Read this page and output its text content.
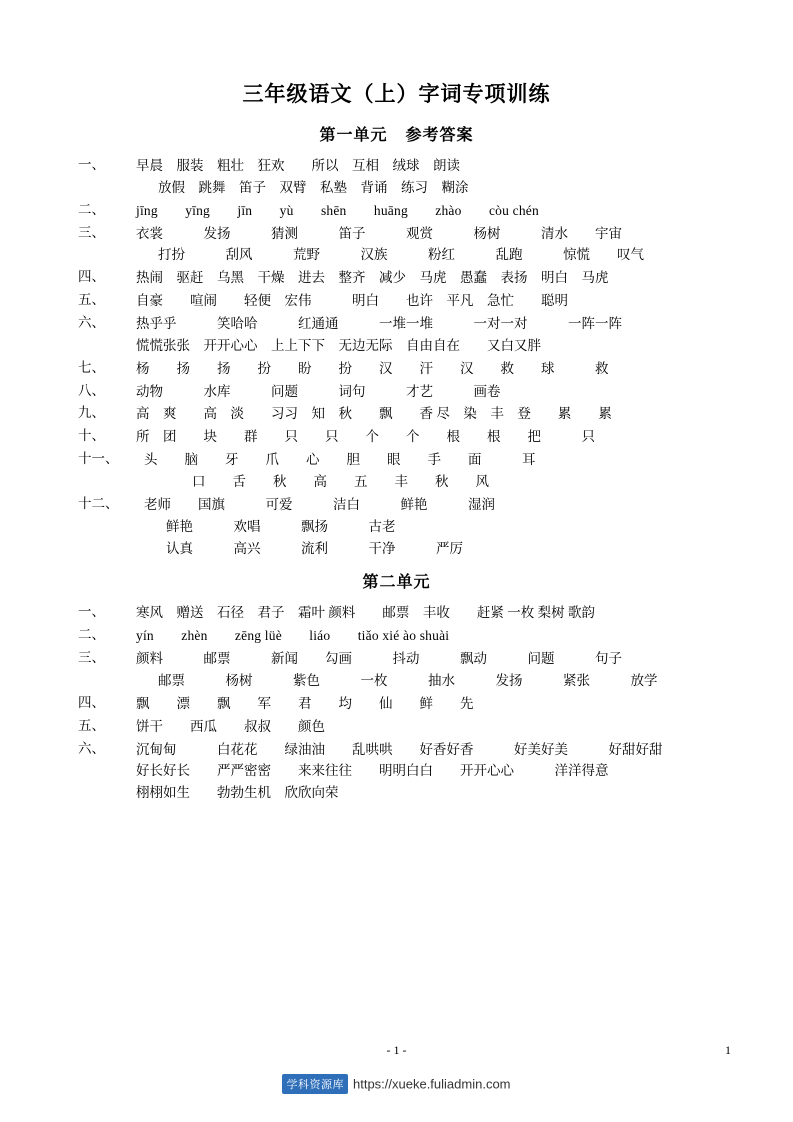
三年级语文（上）字词专项训练
第一单元 参考答案
一、	早晨　服装　粗壮　狂欢　　所以　互相　绒球　朗读
放假　跳舞　笛子　双臂　私塾　背诵　练习　糊涂
二、	jīng　　yīng　　jīn　　yù　　shēn　　huāng　　zhào　　còu chén
三、	衣裳　　　发扬　　　猜测　　　笛子　　　观赏　　　杨树　　　清水　　宇宙
打扮　　　刮风　　　荒野　　　汉族　　　粉红　　　乱跑　　　惊慌　　叹气
四、	热闹　驱赶　乌黑　干燥　进去　整齐　减少　马虎　愚蠢　表扬　明白　马虎
五、	自豪　　喧闹　　轻便　宏伟　　　明白　　也许　平凡　急忙　　聪明
六、	热乎乎　　　笑哈哈　　　红通通　　　一堆一堆　　　一对一对　　　一阵一阵
慌慌张张　开开心心　上上下下　无边无际　自由自在　　又白又胖
七、	杨　　扬　　扬　　扮　　盼　　扮　　汉　　汗　　汉　　救　　球　　　救
八、	动物　　　水库　　　问题　　　词句　　　才艺　　　画卷
九、	高　爽　　高　淡　　习习　知　秋　　飘　　香 尽　染　丰　登　　累　　累
十、	所　团　　块　　群　　只　　只　　个　　个　　根　　根　　把　　　只
十一、	头　　脑　　牙　　爪　　心　　胆　　眼　　手　　面　　　耳
口　　舌　　秋　　高　　五　　丰　　秋　　风
十二、	老师　　国旗　　　可爱　　　洁白　　　鲜艳　　　湿润
鲜艳　　　欢唱　　　飘扬　　　古老
认真　　　高兴　　　流利　　　干净　　　严厉
第二单元
一、	寒风　赠送　石径　君子　霜叶 颜料　　邮票　丰收　　赶紧 一枚 梨树 歌韵
二、	yín　　zhèn　　zēng lüè　　liáo　　tiǎo xié ào shuài
三、	颜料　　　邮票　　　新闻　　勾画　　　抖动　　　飘动　　　问题　　　句子
邮票　　　杨树　　　紫色　　　一枚　　　抽水　　　发扬　　　紧张　　　放学
四、	飘　　漂　　飘　　军　　君　　均　　仙　　鲜　　先
五、	饼干　　西瓜　　叔叔　　颜色
六、	沉甸甸　　　白花花　　绿油油　　乱哄哄　　好香好香　　　好美好美　　　好甜好甜
好长好长　　严严密密　　来来往往　　明明白白　　开开心心　　　洋洋得意
栩栩如生　　勃勃生机　欣欣向荣
- 1 -	1
学科资源库 https://xueke.fuliadmin.com
